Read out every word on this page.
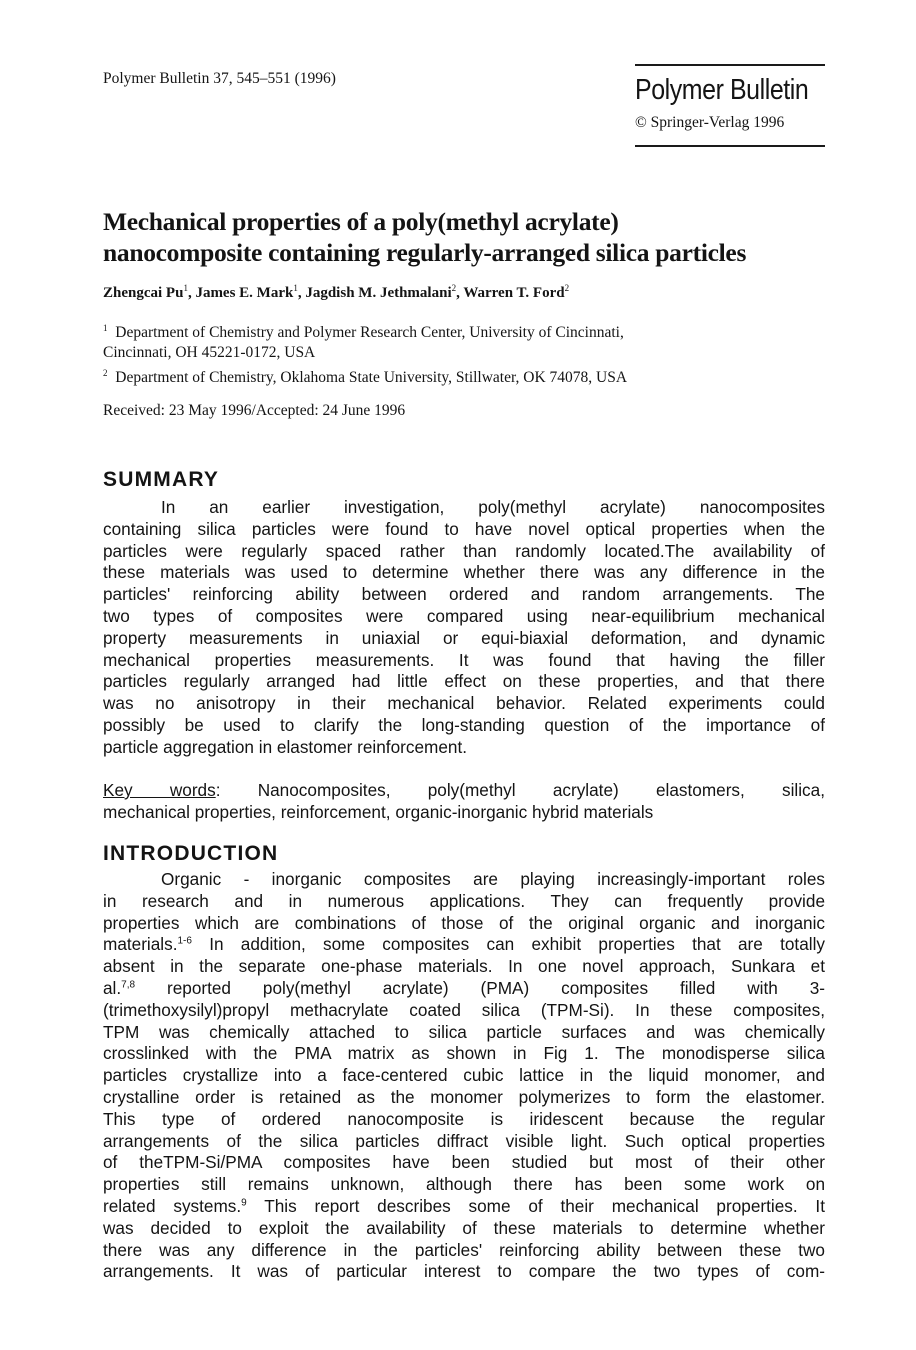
Polymer Bulletin 37, 545–551 (1996)	Polymer Bulletin
© Springer-Verlag 1996
Mechanical properties of a poly(methyl acrylate)
nanocomposite containing regularly-arranged silica particles
Zhengcai Pu$^1$, James E. Mark$^1$, Jagdish M. Jethmalani$^2$, Warren T. Ford$^2$
$^1$ Department of Chemistry and Polymer Research Center, University of Cincinnati,
Cincinnati, OH 45221-0172, USA
$^2$ Department of Chemistry, Oklahoma State University, Stillwater, OK 74078, USA
Received: 23 May 1996/Accepted: 24 June 1996
SUMMARY
In an earlier investigation, poly(methyl acrylate) nanocomposites
containing silica particles were found to have novel optical properties when the
particles were regularly spaced rather than randomly located.The availability of
these materials was used to determine whether there was any difference in the
particles' reinforcing ability between ordered and random arrangements. The
two types of composites were compared using near-equilibrium mechanical
property measurements in uniaxial or equi-biaxial deformation, and dynamic
mechanical properties measurements. It was found that having the filler
particles regularly arranged had little effect on these properties, and that there
was no anisotropy in their mechanical behavior. Related experiments could
possibly be used to clarify the long-standing question of the importance of
particle aggregation in elastomer reinforcement.
Key words: Nanocomposites, poly(methyl acrylate) elastomers, silica,
mechanical properties, reinforcement, organic-inorganic hybrid materials
INTRODUCTION
Organic - inorganic composites are playing increasingly-important roles
in research and in numerous applications. They can frequently provide
properties which are combinations of those of the original organic and inorganic
materials.$^{1-6}$ In addition, some composites can exhibit properties that are totally
absent in the separate one-phase materials. In one novel approach, Sunkara et
al.$^{7,8}$ reported poly(methyl acrylate) (PMA) composites filled with 3-
(trimethoxysilyl)propyl methacrylate coated silica (TPM-Si). In these composites,
TPM was chemically attached to silica particle surfaces and was chemically
crosslinked with the PMA matrix as shown in Fig 1. The monodisperse silica
particles crystallize into a face-centered cubic lattice in the liquid monomer, and
crystalline order is retained as the monomer polymerizes to form the elastomer.
This type of ordered nanocomposite is iridescent because the regular
arrangements of the silica particles diffract visible light. Such optical properties
of theTPM-Si/PMA composites have been studied but most of their other
properties still remains unknown, although there has been some work on
related systems.$^9$ This report describes some of their mechanical properties. It
was decided to exploit the availability of these materials to determine whether
there was any difference in the particles' reinforcing ability between these two
arrangements. It was of particular interest to compare the two types of com-
